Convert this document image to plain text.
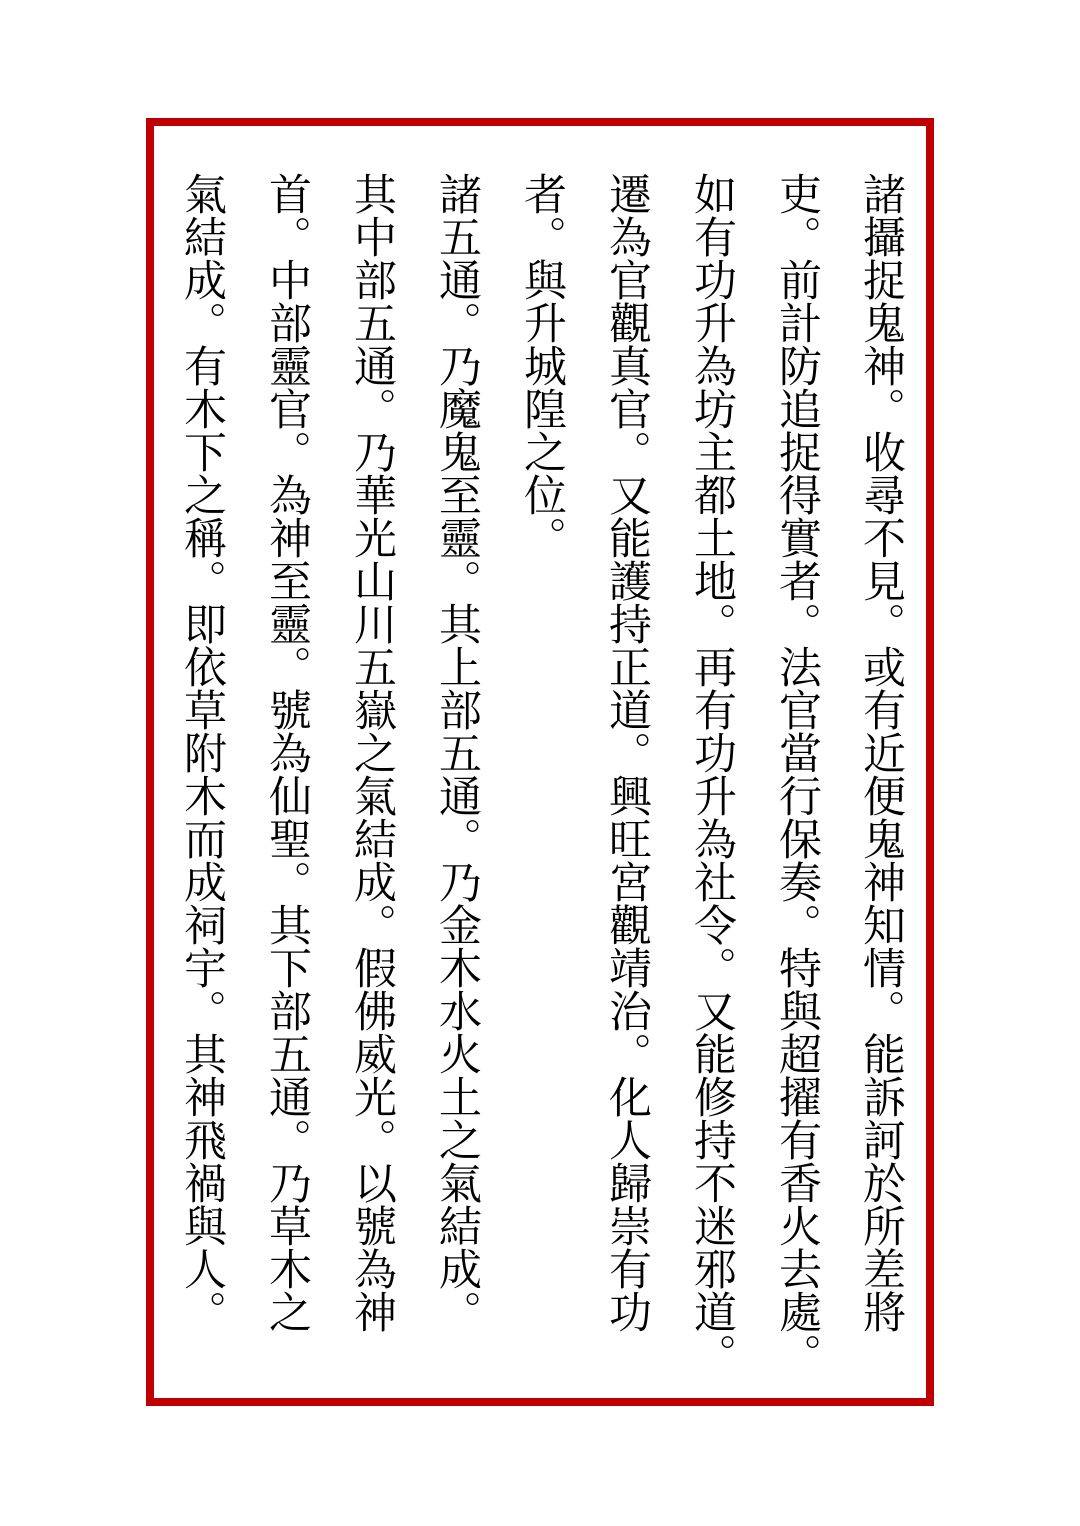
諸攝捉鬼神。收尋不見。或有近便鬼神知情。能訴訶於所差將
吏。前計防追捉得實者。法官當行保奏。特與超擢有香火去處。
如有功升為坊主都土地。再有功升為社令。又能修持不迷邪道。
遷為官觀真官。又能護持正道。興旺宮觀靖治。化人歸崇有功
者。與升城隍之位。
諸五通。乃魔鬼至靈。其上部五通。乃金木水火土之氣結成。
其中部五通。乃華光山川五嶽之氣結成。假佛威光。以號為神
首。中部靈官。為神至靈。號為仙聖。其下部五通。乃草木之
氣結成。有木下之稱。即依草附木而成祠宇。其神飛禍與人。
